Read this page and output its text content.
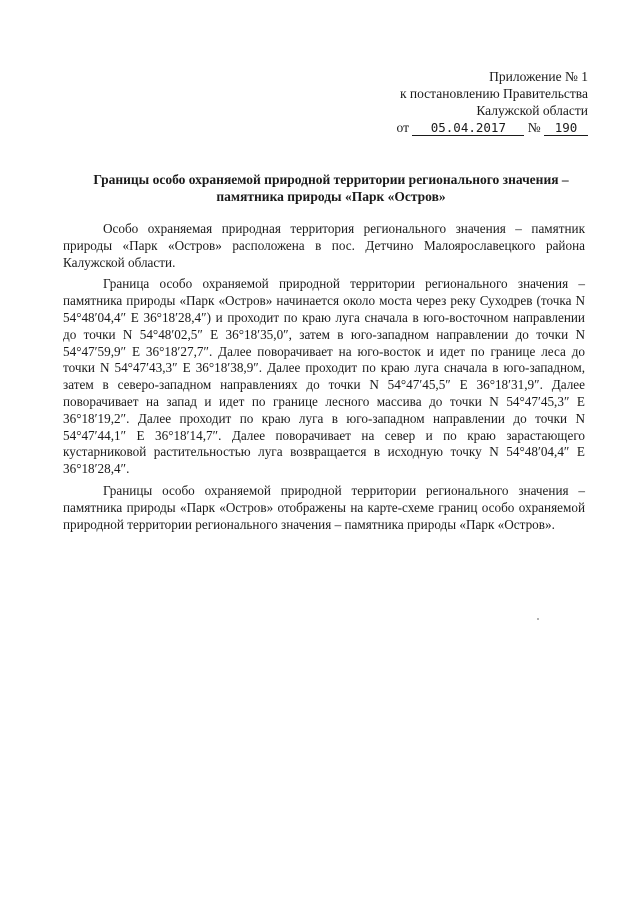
Приложение № 1
к постановлению Правительства
Калужской области
от 05.04.2017 № 190
Границы особо охраняемой природной территории регионального значения –
памятника природы «Парк «Остров»

Особо охраняемая природная территория регионального значения – памятник природы «Парк «Остров» расположена в пос. Детчино Малоярославецкого района Калужской области.

Граница особо охраняемой природной территории регионального значения – памятника природы «Парк «Остров» начинается около моста через реку Суходрев (точка N 54°48′04,4″ E 36°18′28,4″) и проходит по краю луга сначала в юго-восточном направлении до точки N 54°48′02,5″ E 36°18′35,0″, затем в юго-западном направлении до точки N 54°47′59,9″ E 36°18′27,7″. Далее поворачивает на юго-восток и идет по границе леса до точки N 54°47′43,3″ E 36°18′38,9″. Далее проходит по краю луга сначала в юго-западном, затем в северо-западном направлениях до точки N 54°47′45,5″ E 36°18′31,9″. Далее поворачивает на запад и идет по границе лесного массива до точки N 54°47′45,3″ E 36°18′19,2″. Далее проходит по краю луга в юго-западном направлении до точки N 54°47′44,1″ E 36°18′14,7″. Далее поворачивает на север и по краю зарастающего кустарниковой растительностью луга возвращается в исходную точку N 54°48′04,4″ E 36°18′28,4″.

Границы особо охраняемой природной территории регионального значения – памятника природы «Парк «Остров» отображены на карте-схеме границ особо охраняемой природной территории регионального значения – памятника природы «Парк «Остров».
